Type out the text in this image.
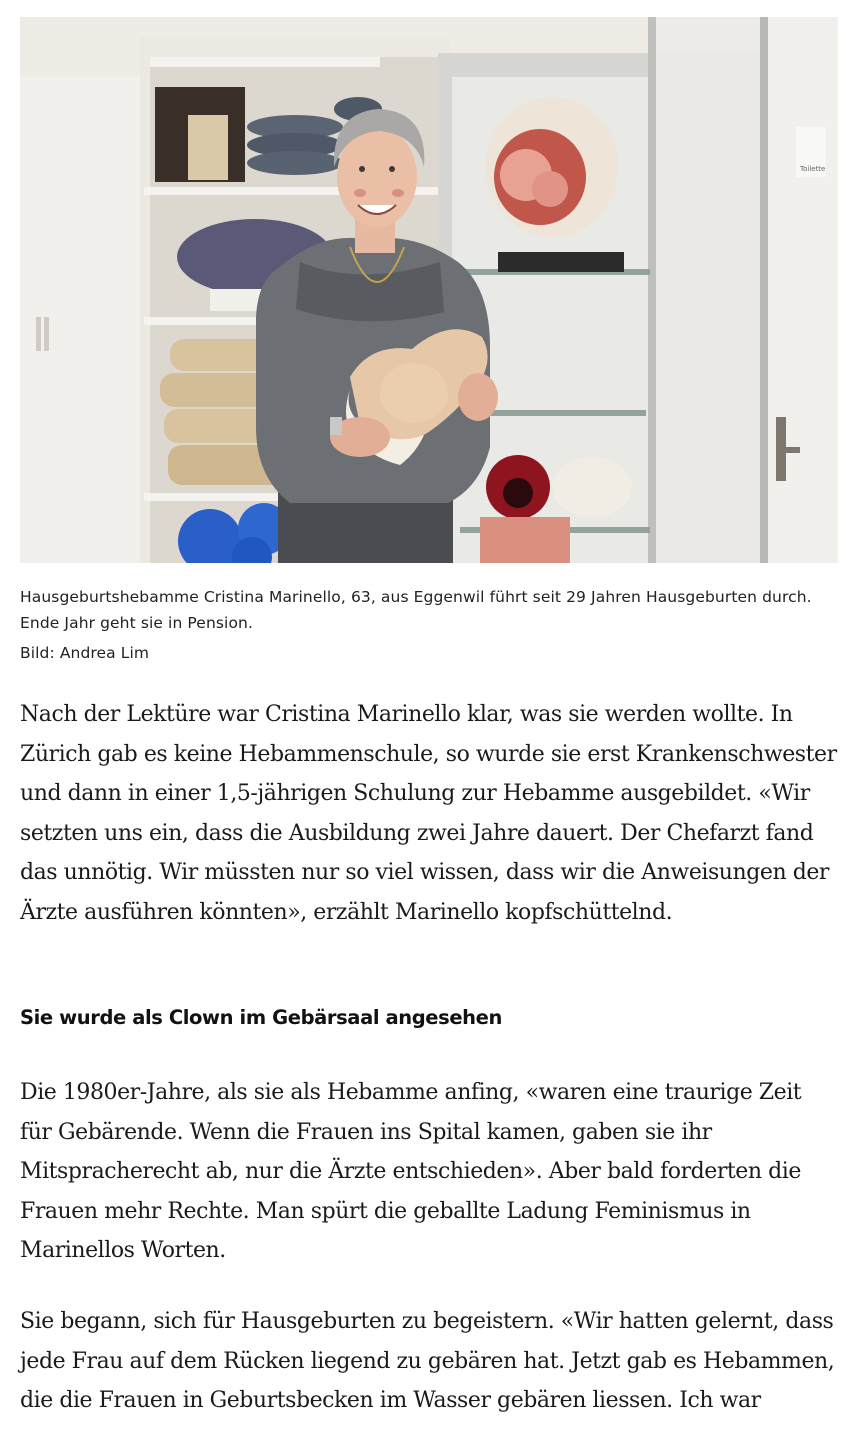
Toilette

Hausgeburtshebamme Cristina Marinello, 63, aus Eggenwil führt seit 29 Jahren Hausgeburten durch. Ende Jahr geht sie in Pension.

Bild: Andrea Lim

Nach der Lektüre war Cristina Marinello klar, was sie werden wollte. In Zürich gab es keine Hebammenschule, so wurde sie erst Krankenschwester und dann in einer 1,5-jährigen Schulung zur Hebamme ausgebildet. «Wir setzten uns ein, dass die Ausbildung zwei Jahre dauert. Der Chefarzt fand das unnötig. Wir müssten nur so viel wissen, dass wir die Anweisungen der Ärzte ausführen könnten», erzählt Marinello kopfschüttelnd.

Sie wurde als Clown im Gebärsaal angesehen

Die 1980er-Jahre, als sie als Hebamme anfing, «waren eine traurige Zeit für Gebärende. Wenn die Frauen ins Spital kamen, gaben sie ihr Mitspracherecht ab, nur die Ärzte entschieden». Aber bald forderten die Frauen mehr Rechte. Man spürt die geballte Ladung Feminismus in Marinellos Worten.

Sie begann, sich für Hausgeburten zu begeistern. «Wir hatten gelernt, dass jede Frau auf dem Rücken liegend zu gebären hat. Jetzt gab es Hebammen, die die Frauen in Geburtsbecken im Wasser gebären liessen. Ich war
